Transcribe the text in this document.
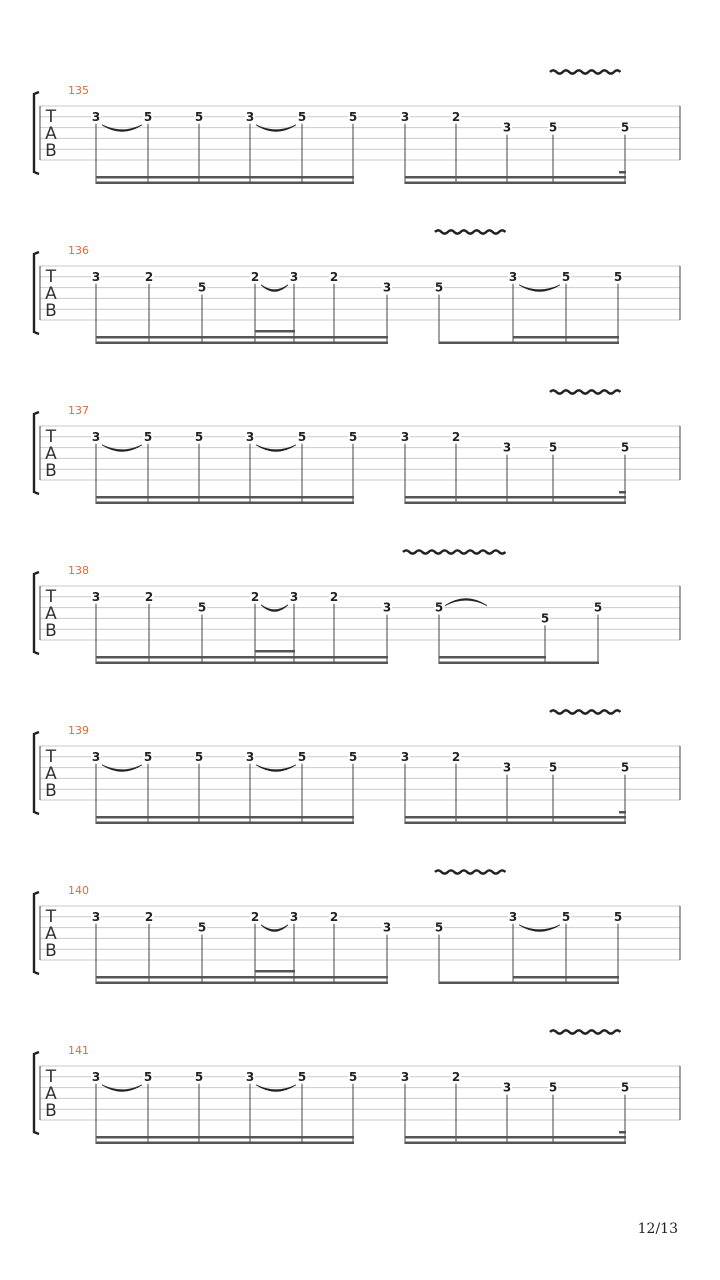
T
A
B
135
3	5	5	3	5	5	3	2
3	5	5
T
A
B
136
3	2
5
2	3	2
3	5
3	5	5
T
A
B
137
3	5	5	3	5	5	3	2
3	5	5
T
A
B
138
3	2
5
2	3	2
3	5
5
5
T
A
B
139
3	5	5	3	5	5	3	2
3	5	5
T
A
B
140
3	2
5
2	3	2
3	5
3	5	5
T
A
B
141
3	5	5	3	5	5	3	2
3	5	5
12/13
